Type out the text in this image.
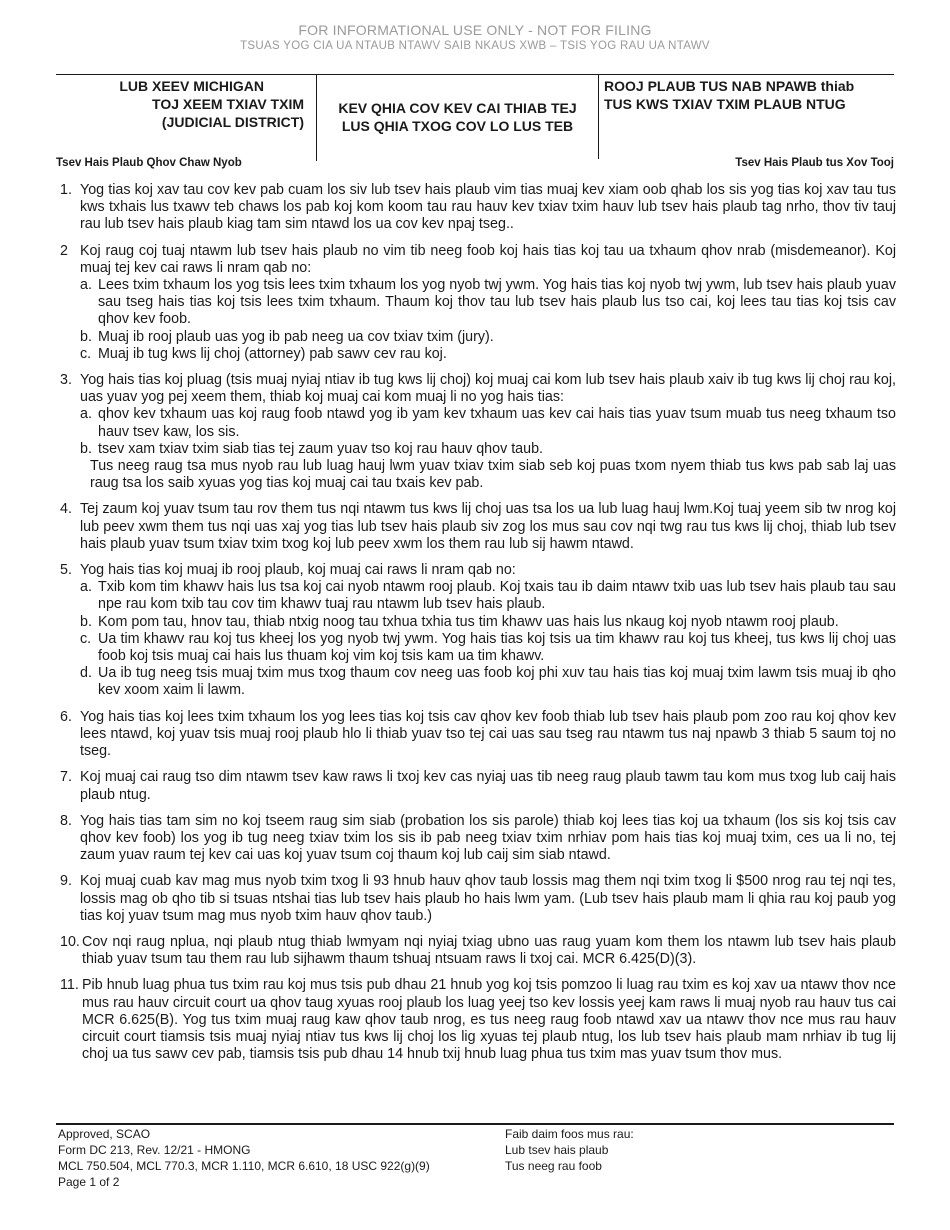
FOR INFORMATIONAL USE ONLY - NOT FOR FILING
TSUAS YOG CIA UA NTAUB NTAWV SAIB NKAUS XWB – TSIS YOG RAU UA NTAWV
LUB XEEV MICHIGAN
TOJ XEEM TXIAV TXIM
(JUDICIAL DISTRICT)
KEV QHIA COV KEV CAI THIAB TEJ
LUS QHIA TXOG COV LO LUS TEB
ROOJ PLAUB TUS NAB NPAWB thiab
TUS KWS TXIAV TXIM PLAUB NTUG
Tsev Hais Plaub Qhov Chaw Nyob	Tsev Hais Plaub tus Xov Tooj
1. Yog tias koj xav tau cov kev pab cuam los siv lub tsev hais plaub vim tias muaj kev xiam oob qhab los sis yog tias koj xav tau tus kws txhais lus txawv teb chaws los pab koj kom koom tau rau hauv kev txiav txim hauv lub tsev hais plaub tag nrho, thov tiv tauj rau lub tsev hais plaub kiag tam sim ntawd los ua cov kev npaj tseg..
2 Koj raug coj tuaj ntawm lub tsev hais plaub no vim tib neeg foob koj hais tias koj tau ua txhaum qhov nrab (misdemeanor). Koj muaj tej kev cai raws li nram qab no:
a. Lees txim txhaum los yog tsis lees txim txhaum los yog nyob twj ywm. Yog hais tias koj nyob twj ywm, lub tsev hais plaub yuav sau tseg hais tias koj tsis lees txim txhaum. Thaum koj thov tau lub tsev hais plaub lus tso cai, koj lees tau tias koj tsis cav qhov kev foob.
b. Muaj ib rooj plaub uas yog ib pab neeg ua cov txiav txim (jury).
c. Muaj ib tug kws lij choj (attorney) pab sawv cev rau koj.
3. Yog hais tias koj pluag (tsis muaj nyiaj ntiav ib tug kws lij choj) koj muaj cai kom lub tsev hais plaub xaiv ib tug kws lij choj rau koj, uas yuav yog pej xeem them, thiab koj muaj cai kom muaj li no yog hais tias:
a. qhov kev txhaum uas koj raug foob ntawd yog ib yam kev txhaum uas kev cai hais tias yuav tsum muab tus neeg txhaum tso hauv tsev kaw, los sis.
b. tsev xam txiav txim siab tias tej zaum yuav tso koj rau hauv qhov taub.
Tus neeg raug tsa mus nyob rau lub luag hauj lwm yuav txiav txim siab seb koj puas txom nyem thiab tus kws pab sab laj uas raug tsa los saib xyuas yog tias koj muaj cai tau txais kev pab.
4. Tej zaum koj yuav tsum tau rov them tus nqi ntawm tus kws lij choj uas tsa los ua lub luag hauj lwm.Koj tuaj yeem sib tw nrog koj lub peev xwm them tus nqi uas xaj yog tias lub tsev hais plaub siv zog los mus sau cov nqi twg rau tus kws lij choj, thiab lub tsev hais plaub yuav tsum txiav txim txog koj lub peev xwm los them rau lub sij hawm ntawd.
5. Yog hais tias koj muaj ib rooj plaub, koj muaj cai raws li nram qab no:
a. Txib kom tim khawv hais lus tsa koj cai nyob ntawm rooj plaub. Koj txais tau ib daim ntawv txib uas lub tsev hais plaub tau sau npe rau kom txib tau cov tim khawv tuaj rau ntawm lub tsev hais plaub.
b. Kom pom tau, hnov tau, thiab ntxig noog tau txhua txhia tus tim khawv uas hais lus nkaug koj nyob ntawm rooj plaub.
c. Ua tim khawv rau koj tus kheej los yog nyob twj ywm. Yog hais tias koj tsis ua tim khawv rau koj tus kheej, tus kws lij choj uas foob koj tsis muaj cai hais lus thuam koj vim koj tsis kam ua tim khawv.
d. Ua ib tug neeg tsis muaj txim mus txog thaum cov neeg uas foob koj phi xuv tau hais tias koj muaj txim lawm tsis muaj ib qho kev xoom xaim li lawm.
6. Yog hais tias koj lees txim txhaum los yog lees tias koj tsis cav qhov kev foob thiab lub tsev hais plaub pom zoo rau koj qhov kev lees ntawd, koj yuav tsis muaj rooj plaub hlo li thiab yuav tso tej cai uas sau tseg rau ntawm tus naj npawb 3 thiab 5 saum toj no tseg.
7. Koj muaj cai raug tso dim ntawm tsev kaw raws li txoj kev cas nyiaj uas tib neeg raug plaub tawm tau kom mus txog lub caij hais plaub ntug.
8. Yog hais tias tam sim no koj tseem raug sim siab (probation los sis parole) thiab koj lees tias koj ua txhaum (los sis koj tsis cav qhov kev foob) los yog ib tug neeg txiav txim los sis ib pab neeg txiav txim nrhiav pom hais tias koj muaj txim, ces ua li no, tej zaum yuav raum tej kev cai uas koj yuav tsum coj thaum koj lub caij sim siab ntawd.
9. Koj muaj cuab kav mag mus nyob txim txog li 93 hnub hauv qhov taub lossis mag them nqi txim txog li $500 nrog rau tej nqi tes, lossis mag ob qho tib si tsuas ntshai tias lub tsev hais plaub ho hais lwm yam. (Lub tsev hais plaub mam li qhia rau koj paub yog tias koj yuav tsum mag mus nyob txim hauv qhov taub.)
10. Cov nqi raug nplua, nqi plaub ntug thiab lwmyam nqi nyiaj txiag ubno uas raug yuam kom them los ntawm lub tsev hais plaub thiab yuav tsum tau them rau lub sijhawm thaum tshuaj ntsuam raws li txoj cai. MCR 6.425(D)(3).
11. Pib hnub luag phua tus txim rau koj mus tsis pub dhau 21 hnub yog koj tsis pomzoo li luag rau txim es koj xav ua ntawv thov nce mus rau hauv circuit court ua qhov taug xyuas rooj plaub los luag yeej tso kev lossis yeej kam raws li muaj nyob rau hauv tus cai MCR 6.625(B). Yog tus txim muaj raug kaw qhov taub nrog, es tus neeg raug foob ntawd xav ua ntawv thov nce mus rau hauv circuit court tiamsis tsis muaj nyiaj ntiav tus kws lij choj los lig xyuas tej plaub ntug, los lub tsev hais plaub mam nrhiav ib tug lij choj ua tus sawv cev pab, tiamsis tsis pub dhau 14 hnub txij hnub luag phua tus txim mas yuav tsum thov mus.
Approved, SCAO
Form DC 213, Rev. 12/21 - HMONG
MCL 750.504, MCL 770.3, MCR 1.110, MCR 6.610, 18 USC 922(g)(9)
Page 1 of 2
Faib daim foos mus rau:
Lub tsev hais plaub
Tus neeg rau foob
